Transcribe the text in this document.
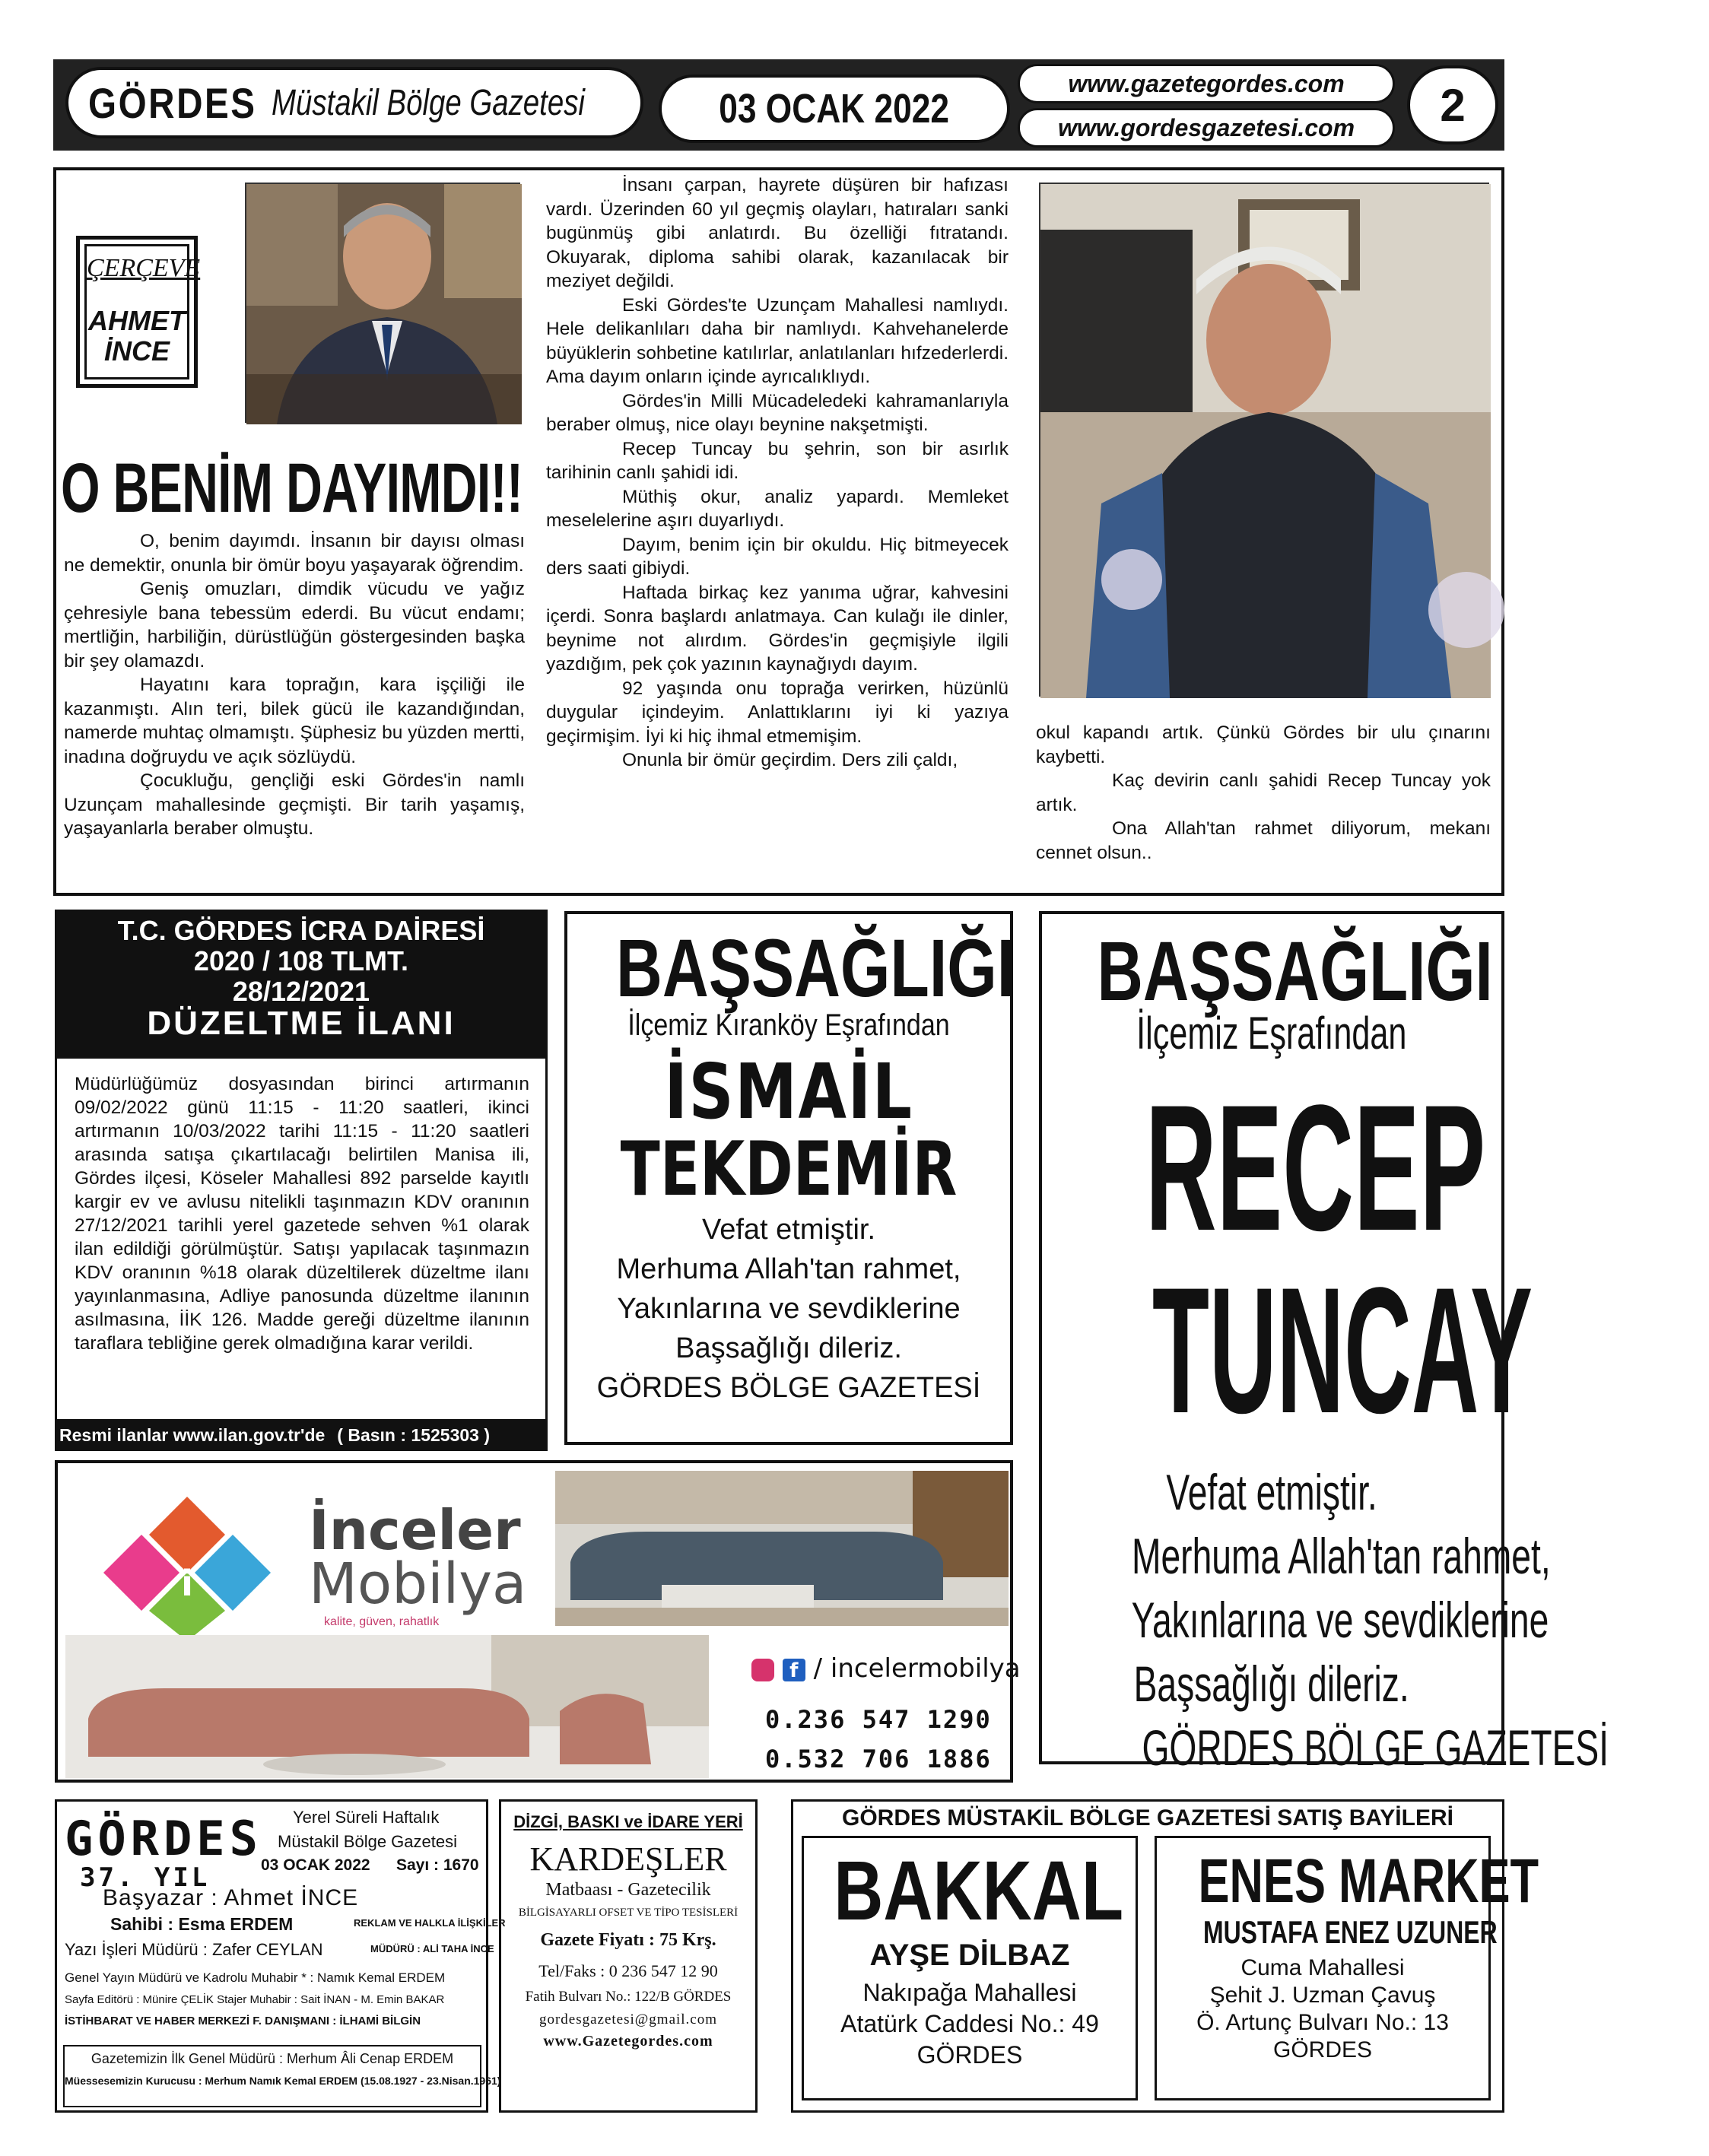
GÖRDES Müstakil Bölge Gazetesi	03 OCAK 2022
www.gazetegordes.com
www.gordesgazetesi.com 2
ÇERÇEVE
AHMET
İNCE
O BENİM DAYIMDI!!

O, benim dayımdı. İnsanın bir dayısı olması ne demektir, onunla bir ömür boyu yaşayarak öğrendim.

Geniş omuzları, dimdik vücudu ve yağız çehresiyle bana tebessüm ederdi. Bu vücut endamı; mertliğin, harbiliğin, dürüstlüğün göstergesinden başka bir şey olamazdı.

Hayatını kara toprağın, kara işçiliği ile kazanmıştı. Alın teri, bilek gücü ile kazandığından, namerde muhtaç olmamıştı. Şüphesiz bu yüzden mertti, inadına doğruydu ve açık sözlüydü.

Çocukluğu, gençliği eski Gördes'in namlı Uzunçam mahallesinde geçmişti. Bir tarih yaşamış, yaşayanlarla beraber olmuştu.

İnsanı çarpan, hayrete düşüren bir hafızası vardı. Üzerinden 60 yıl geçmiş olayları, hatıraları sanki bugünmüş gibi anlatırdı. Bu özelliği fıtratandı. Okuyarak, diploma sahibi olarak, kazanılacak bir meziyet değildi.

Eski Gördes'te Uzunçam Mahallesi namlıydı. Hele delikanlıları daha bir namlıydı. Kahvehanelerde büyüklerin sohbetine katılırlar, anlatılanları hıfzederlerdi. Ama dayım onların içinde ayrıcalıklıydı.

Gördes'in Milli Mücadeledeki kahramanlarıyla beraber olmuş, nice olayı beynine nakşetmişti.

Recep Tuncay bu şehrin, son bir asırlık tarihinin canlı şahidi idi.

Müthiş okur, analiz yapardı. Memleket meselelerine aşırı duyarlıydı.

Dayım, benim için bir okuldu. Hiç bitmeyecek ders saati gibiydi.

Haftada birkaç kez yanıma uğrar, kahvesini içerdi. Sonra başlardı anlatmaya. Can kulağı ile dinler, beynime not alırdım. Gördes'in geçmişiyle ilgili yazdığım, pek çok yazının kaynağıydı dayım.

92 yaşında onu toprağa verirken, hüzünlü duygular içindeyim. Anlattıklarını iyi ki yazıya geçirmişim. İyi ki hiç ihmal etmemişim.

Onunla bir ömür geçirdim. Ders zili çaldı,

okul kapandı artık. Çünkü Gördes bir ulu çınarını kaybetti.

Kaç devirin canlı şahidi Recep Tuncay yok artık.

Ona Allah'tan rahmet diliyorum, mekanı cennet olsun..

T.C. GÖRDES İCRA DAİRESİ
2020 / 108 TLMT.
28/12/2021
DÜZELTME İLANI
Müdürlüğümüz dosyasından birinci artırmanın 09/02/2022 günü 11:15 - 11:20 saatleri, ikinci artırmanın 10/03/2022 tarihi 11:15 - 11:20 saatleri arasında satışa çıkartılacağı belirtilen Manisa ili, Gördes ilçesi, Köseler Mahallesi 892 parselde kayıtlı kargir ev ve avlusu nitelikli taşınmazın KDV oranının 27/12/2021 tarihli yerel gazetede sehven %1 olarak ilan edildiği görülmüştür. Satışı yapılacak taşınmazın KDV oranının %18 olarak düzeltilerek düzeltme ilanı yayınlanmasına, Adliye panosunda düzeltme ilanının asılmasına, İİK 126. Madde gereği düzeltme ilanının taraflara tebliğine gerek olmadığına karar verildi.
Resmi ilanlar www.ilan.gov.tr'de ( Basın : 1525303 )
BAŞSAĞLIĞI
İlçemiz Kıranköy Eşrafından
İSMAİL
TEKDEMİR
Vefat etmiştir.
Merhuma Allah'tan rahmet,
Yakınlarına ve sevdiklerine
Başsağlığı dileriz.
GÖRDES BÖLGE GAZETESİ
BAŞSAĞLIĞI
İlçemiz Eşrafından
RECEP
TUNCAY
Vefat etmiştir.
Merhuma Allah'tan rahmet,
Yakınlarına ve sevdiklerine
Başsağlığı dileriz.
GÖRDES BÖLGE GAZETESİ
i
İnceler
Mobilya
kalite, güven, rahatlık
f / incelermobilya
0.236 547 1290
0.532 706 1886
GÖRDES
37. YIL
Yerel Süreli Haftalık
Müstakil Bölge Gazetesi
03 OCAK 2022 Sayı : 1670
Başyazar : Ahmet İNCE
Sahibi : Esma ERDEM	REKLAM VE HALKLA İLİŞKİLER
Yazı İşleri Müdürü : Zafer CEYLAN	MÜDÜRÜ : ALİ TAHA İNCE
Genel Yayın Müdürü ve Kadrolu Muhabir * : Namık Kemal ERDEM
Sayfa Editörü : Münire ÇELİK Stajer Muhabir : Sait İNAN - M. Emin BAKAR
İSTİHBARAT VE HABER MERKEZİ F. DANIŞMANI : İLHAMİ BİLGİN
Gazetemizin İlk Genel Müdürü : Merhum Âli Cenap ERDEM
Müessesemizin Kurucusu : Merhum Namık Kemal ERDEM (15.08.1927 - 23.Nisan.1961)
DİZGİ, BASKI ve İDARE YERİ
KARDEŞLER
Matbaası - Gazetecilik
BİLGİSAYARLI OFSET VE TİPO TESİSLERİ
Gazete Fiyatı : 75 Krş.
Tel/Faks : 0 236 547 12 90
Fatih Bulvarı No.: 122/B GÖRDES
gordesgazetesi@gmail.com
www.Gazetegordes.com
GÖRDES MÜSTAKİL BÖLGE GAZETESİ SATIŞ BAYİLERİ
BAKKAL
AYŞE DİLBAZ
Nakıpağa Mahallesi
Atatürk Caddesi No.: 49
GÖRDES
ENES MARKET
MUSTAFA ENEZ UZUNER
Cuma Mahallesi
Şehit J. Uzman Çavuş
Ö. Artunç Bulvarı No.: 13
GÖRDES
